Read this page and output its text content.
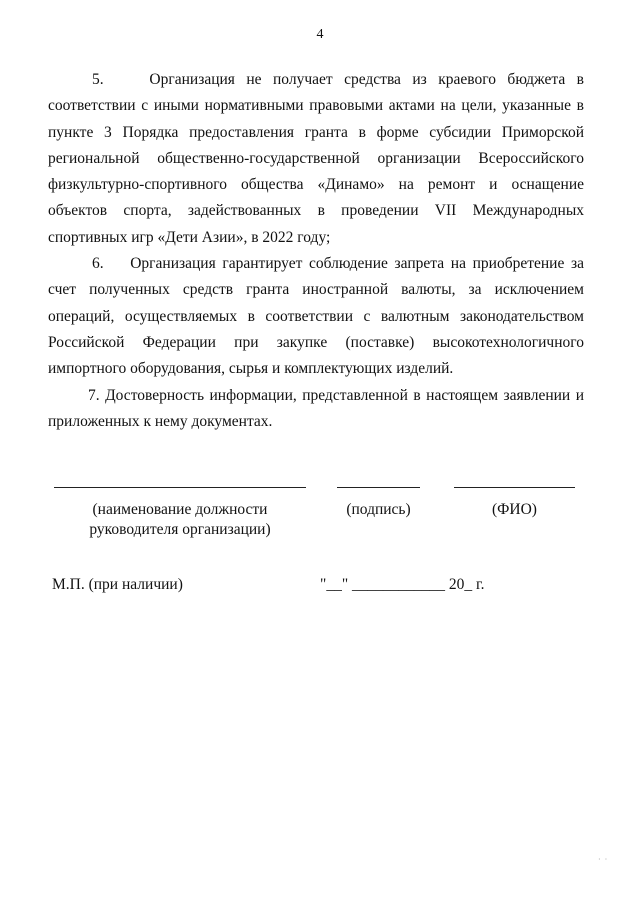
4

5.    Организация не получает средства из краевого бюджета в соответствии с иными нормативными правовыми актами на цели, указанные в пункте 3 Порядка предоставления гранта в форме субсидии Приморской региональной общественно-государственной организации Всероссийского физкультурно-спортивного общества «Динамо» на ремонт и оснащение объектов спорта, задействованных в проведении VII Международных спортивных игр «Дети Азии», в 2022 году;

6.    Организация гарантирует соблюдение запрета на приобретение за счет полученных средств гранта иностранной валюты, за исключением операций, осуществляемых в соответствии с валютным законодательством Российской Федерации при закупке (поставке) высокотехнологичного импортного оборудования, сырья и комплектующих изделий.

7. Достоверность информации, представленной в настоящем заявлении и приложенных к нему документах.

(наименование должности руководителя организации)
(подпись)	(ФИО)
М.П. (при наличии)	"__" ____________ 20_ г.
· ·
